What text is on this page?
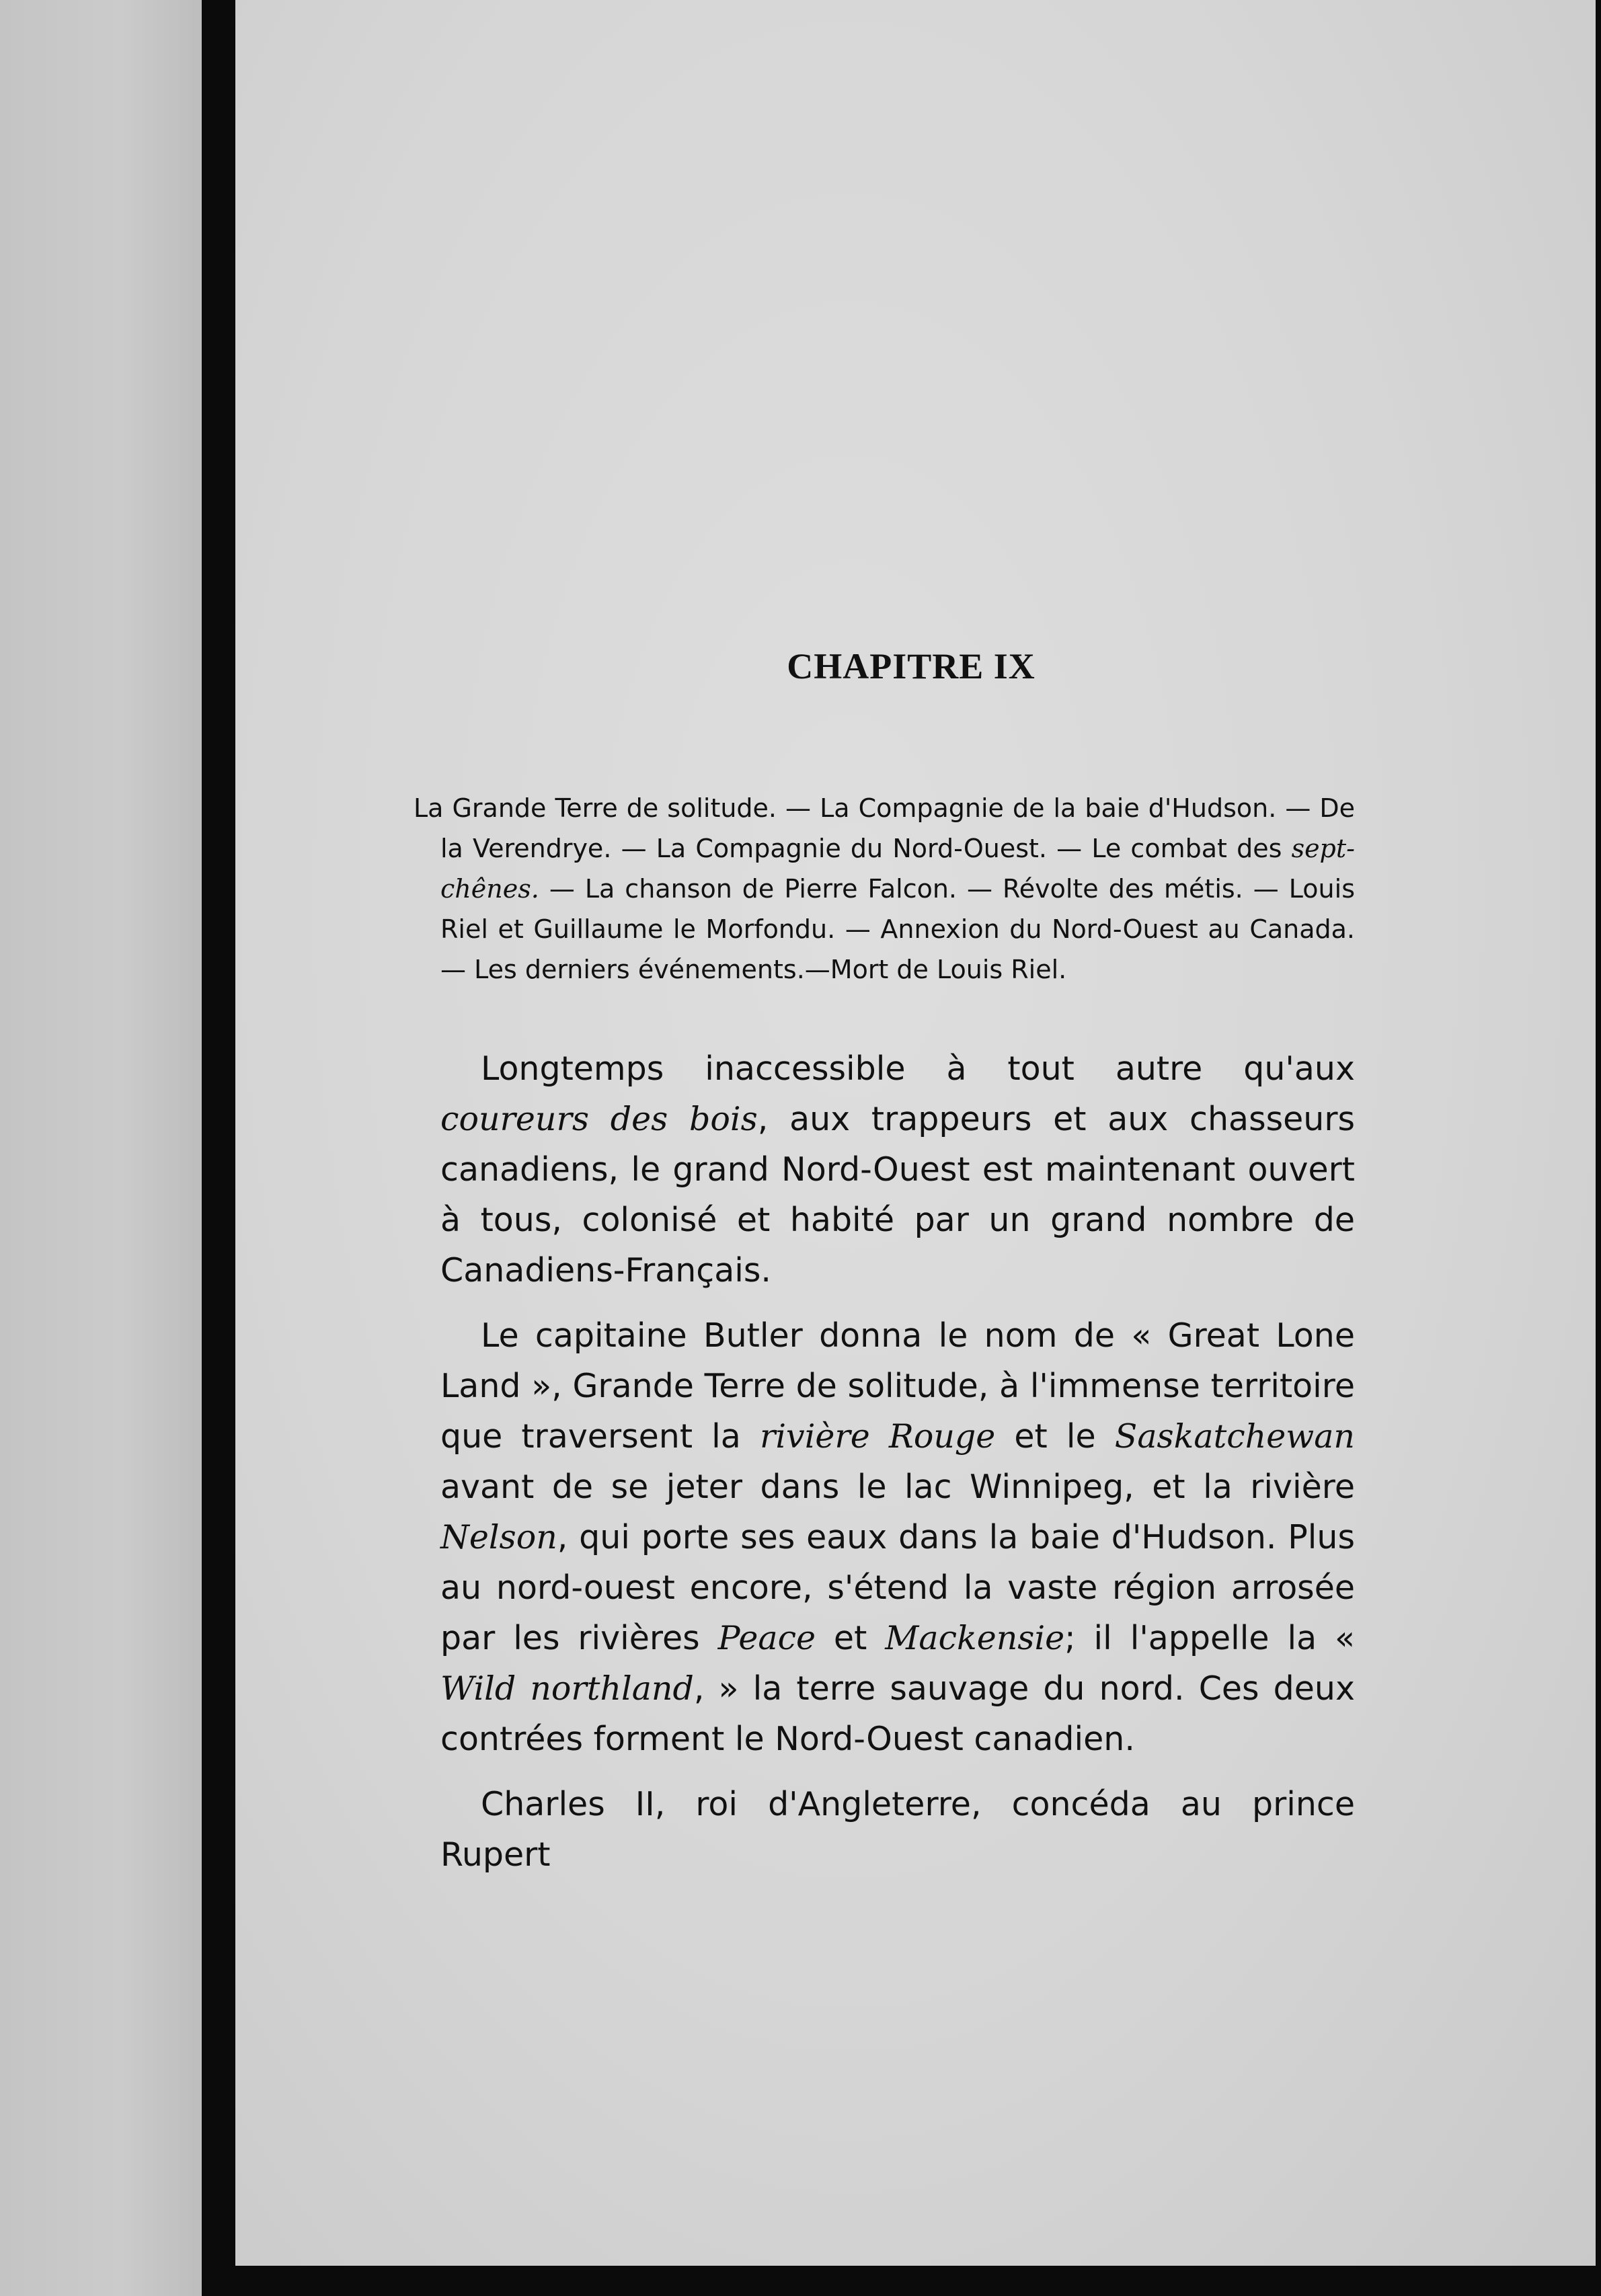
CHAPITRE IX

La Grande Terre de solitude. — La Compagnie de la baie d'Hudson. — De la Verendrye. — La Compagnie du Nord-Ouest. — Le combat des sept-chênes. — La chanson de Pierre Falcon. — Révolte des métis. — Louis Riel et Guillaume le Morfondu. — Annexion du Nord-Ouest au Canada. — Les derniers événements.—Mort de Louis Riel.

Longtemps inaccessible à tout autre qu'aux coureurs des bois, aux trappeurs et aux chasseurs canadiens, le grand Nord-Ouest est maintenant ouvert à tous, colonisé et habité par un grand nombre de Canadiens-Français.

Le capitaine Butler donna le nom de « Great Lone Land », Grande Terre de solitude, à l'immense territoire que traversent la rivière Rouge et le Saskatchewan avant de se jeter dans le lac Winnipeg, et la rivière Nelson, qui porte ses eaux dans la baie d'Hudson. Plus au nord-ouest encore, s'étend la vaste région arrosée par les rivières Peace et Mackensie; il l'appelle la « Wild northland, » la terre sauvage du nord. Ces deux contrées forment le Nord-Ouest canadien.

Charles II, roi d'Angleterre, concéda au prince Rupert
